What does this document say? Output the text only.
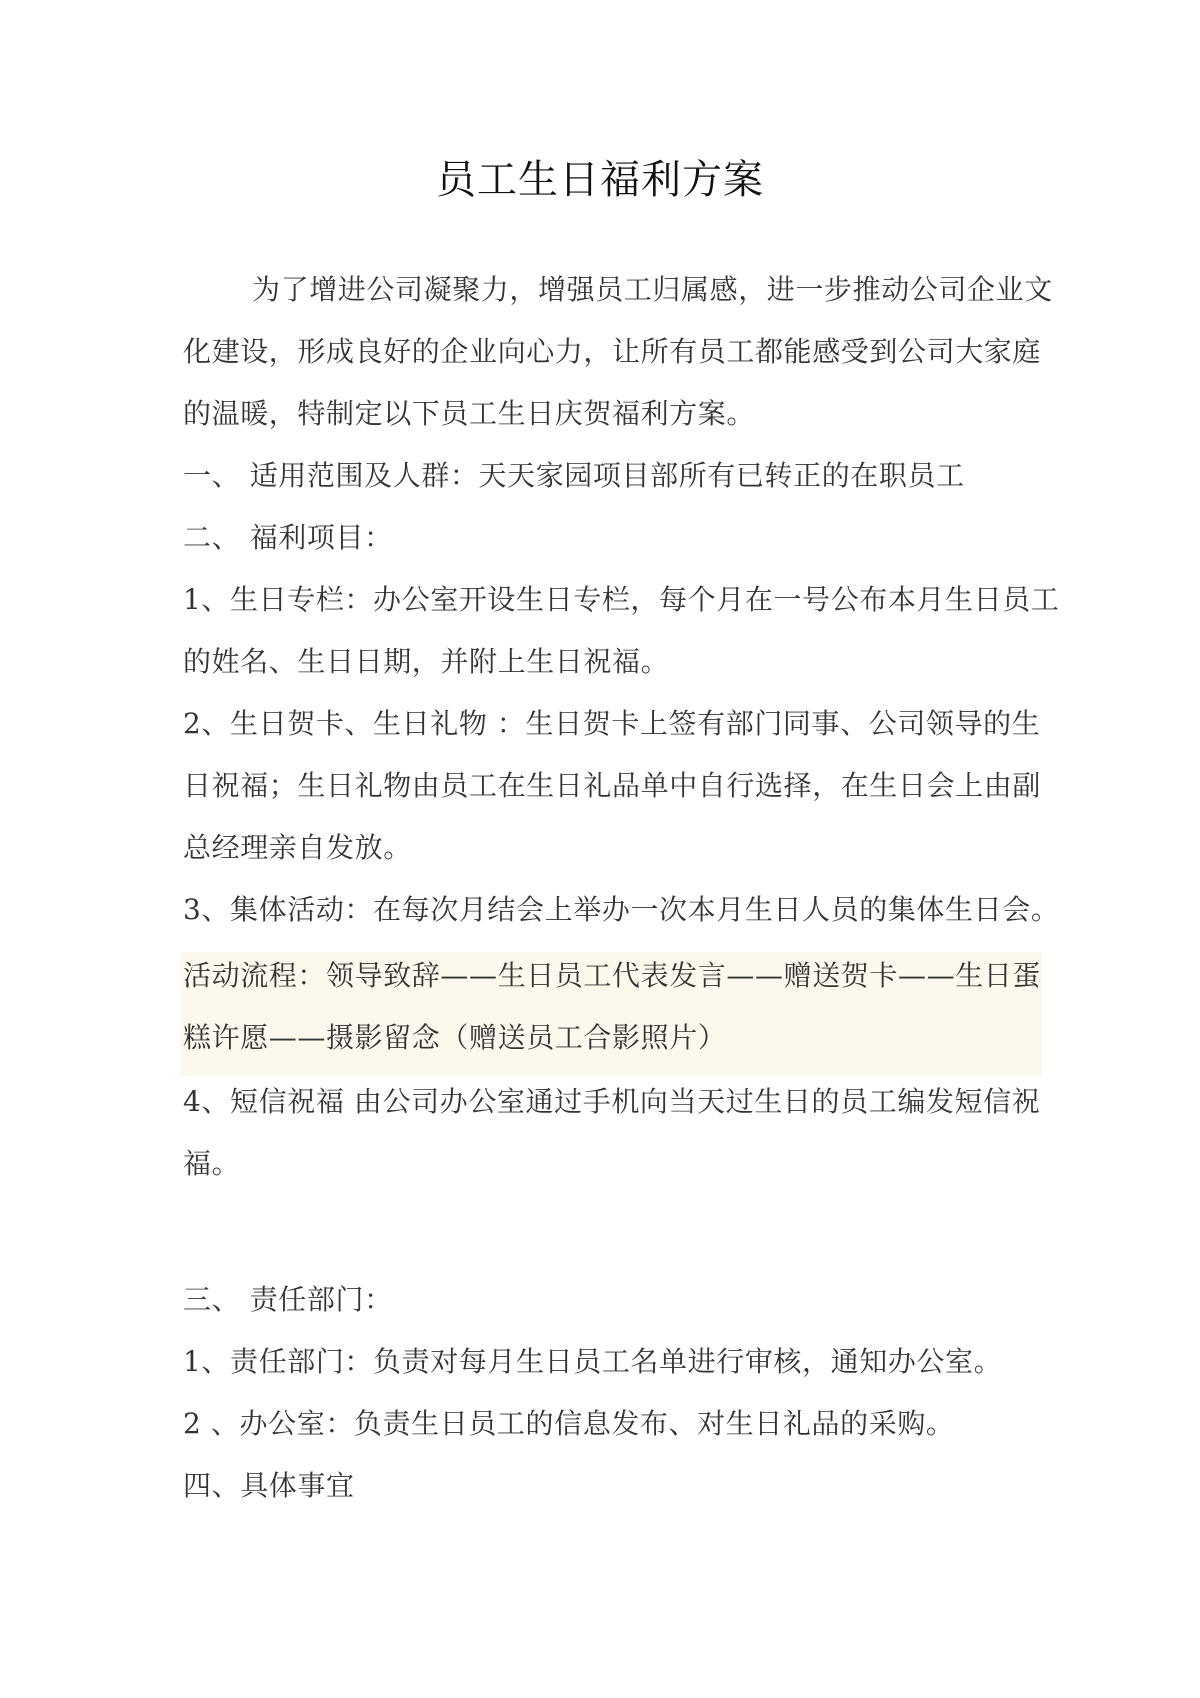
员工生日福利方案
为了增进公司凝聚力，增强员工归属感，进一步推动公司企业文
化建设，形成良好的企业向心力，让所有员工都能感受到公司大家庭
的温暖，特制定以下员工生日庆贺福利方案。
一、 适用范围及人群：天天家园项目部所有已转正的在职员工
二、 福利项目：
1、生日专栏：办公室开设生日专栏，每个月在一号公布本月生日员工
的姓名、生日日期，并附上生日祝福。
2、生日贺卡、生日礼物 ：生日贺卡上签有部门同事、公司领导的生
日祝福；生日礼物由员工在生日礼品单中自行选择，在生日会上由副
总经理亲自发放。
3、集体活动：在每次月结会上举办一次本月生日人员的集体生日会。
活动流程：领导致辞——生日员工代表发言——赠送贺卡——生日蛋
糕许愿——摄影留念（赠送员工合影照片）
4、短信祝福 由公司办公室通过手机向当天过生日的员工编发短信祝
福。
三、 责任部门：
1、责任部门：负责对每月生日员工名单进行审核，通知办公室。
2 、办公室：负责生日员工的信息发布、对生日礼品的采购。
四、具体事宜
